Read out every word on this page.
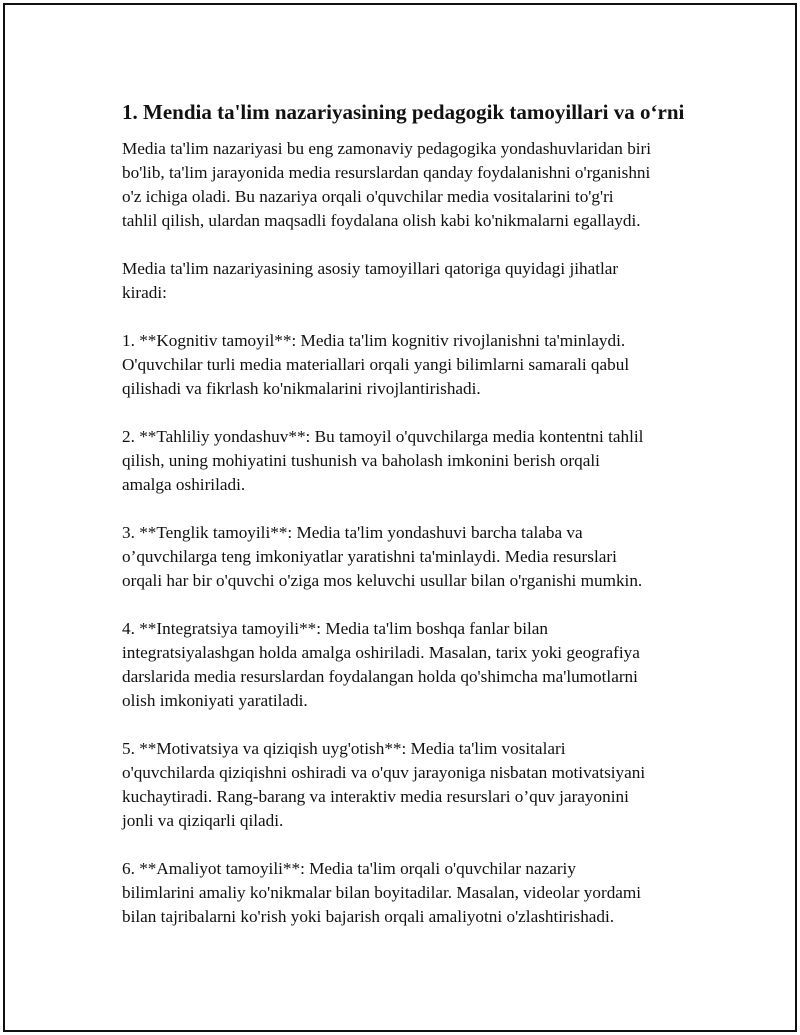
1. Mendia ta'lim nazariyasining pedagogik tamoyillari va o‘rni

Media ta'lim nazariyasi bu eng zamonaviy pedagogika yondashuvlaridan biri
bo'lib, ta'lim jarayonida media resurslardan qanday foydalanishni o'rganishni
o'z ichiga oladi. Bu nazariya orqali o'quvchilar media vositalarini to'g'ri
tahlil qilish, ulardan maqsadli foydalana olish kabi ko'nikmalarni egallaydi.

Media ta'lim nazariyasining asosiy tamoyillari qatoriga quyidagi jihatlar
kiradi:

1. **Kognitiv tamoyil**: Media ta'lim kognitiv rivojlanishni ta'minlaydi.
O'quvchilar turli media materiallari orqali yangi bilimlarni samarali qabul
qilishadi va fikrlash ko'nikmalarini rivojlantirishadi.

2. **Tahliliy yondashuv**: Bu tamoyil o'quvchilarga media kontentni tahlil
qilish, uning mohiyatini tushunish va baholash imkonini berish orqali
amalga oshiriladi.

3. **Tenglik tamoyili**: Media ta'lim yondashuvi barcha talaba va
o’quvchilarga teng imkoniyatlar yaratishni ta'minlaydi. Media resurslari
orqali har bir o'quvchi o'ziga mos keluvchi usullar bilan o'rganishi mumkin.

4. **Integratsiya tamoyili**: Media ta'lim boshqa fanlar bilan
integratsiyalashgan holda amalga oshiriladi. Masalan, tarix yoki geografiya
darslarida media resurslardan foydalangan holda qo'shimcha ma'lumotlarni
olish imkoniyati yaratiladi.

5. **Motivatsiya va qiziqish uyg'otish**: Media ta'lim vositalari
o'quvchilarda qiziqishni oshiradi va o'quv jarayoniga nisbatan motivatsiyani
kuchaytiradi. Rang-barang va interaktiv media resurslari o’quv jarayonini
jonli va qiziqarli qiladi.

6. **Amaliyot tamoyili**: Media ta'lim orqali o'quvchilar nazariy
bilimlarini amaliy ko'nikmalar bilan boyitadilar. Masalan, videolar yordami
bilan tajribalarni ko'rish yoki bajarish orqali amaliyotni o'zlashtirishadi.
